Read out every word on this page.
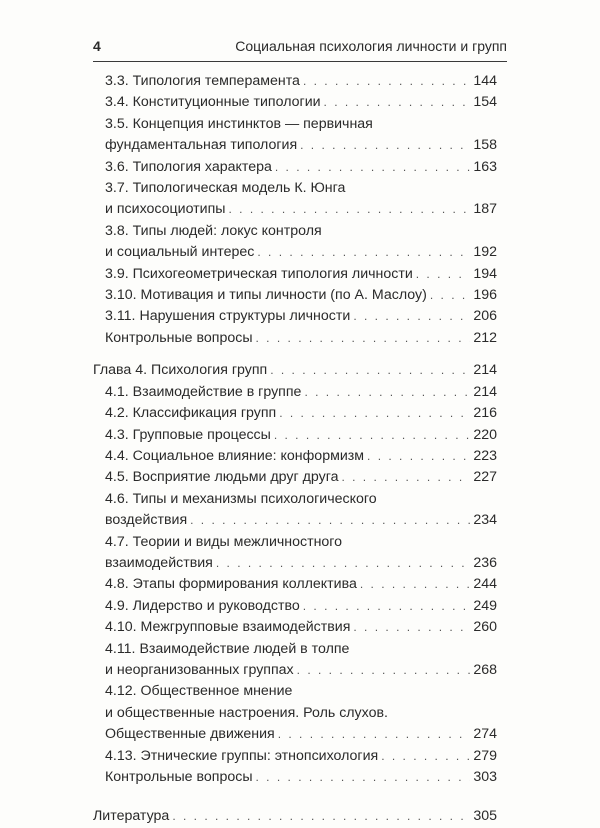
4	Социальная психология личности и групп
3.3. Типология темперамента . . .	144
3.4. Конституционные типологии . . .	154
3.5. Концепция инстинктов — первичная
фундаментальная типология . . .	158
3.6. Типология характера . . .	163
3.7. Типологическая модель К. Юнга
и психосоциотипы . . .	187
3.8. Типы людей: локус контроля
и социальный интерес . . .	192
3.9. Психогеометрическая типология личности . . .	194
3.10. Мотивация и типы личности (по А. Маслоу) . . .	196
3.11. Нарушения структуры личности . . .	206
Контрольные вопросы . . .	212
Глава 4. Психология групп . . .	214
4.1. Взаимодействие в группе . . .	214
4.2. Классификация групп . . .	216
4.3. Групповые процессы . . .	220
4.4. Социальное влияние: конформизм . . .	223
4.5. Восприятие людьми друг друга . . .	227
4.6. Типы и механизмы психологического
воздействия . . .	234
4.7. Теории и виды межличностного
взаимодействия . . .	236
4.8. Этапы формирования коллектива . . .	244
4.9. Лидерство и руководство . . .	249
4.10. Межгрупповые взаимодействия . . .	260
4.11. Взаимодействие людей в толпе
и неорганизованных группах . . .	268
4.12. Общественное мнение
и общественные настроения. Роль слухов.
Общественные движения . . .	274
4.13. Этнические группы: этнопсихология . . .	279
Контрольные вопросы . . .	303
Литература . . .	305
